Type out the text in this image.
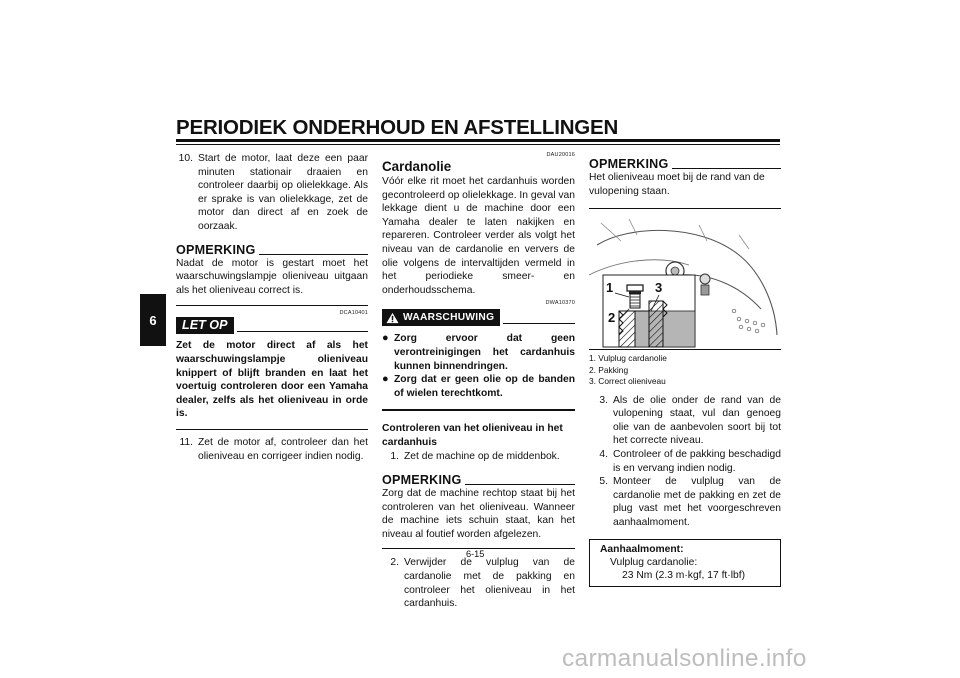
PERIODIEK ONDERHOUD EN AFSTELLINGEN
6
10. Start de motor, laat deze een paar minuten stationair draaien en controleer daarbij op olielekkage. Als er sprake is van olielekkage, zet de motor dan direct af en zoek de oorzaak.
OPMERKING
Nadat de motor is gestart moet het waarschuwingslampje olieniveau uitgaan als het olieniveau correct is.
DCA10401
LET OP
Zet de motor direct af als het waarschuwingslampje olieniveau knippert of blijft branden en laat het voertuig controleren door een Yamaha dealer, zelfs als het olieniveau in orde is.
11. Zet de motor af, controleer dan het olieniveau en corrigeer indien nodig.
DAU20016
Cardanolie
Vóór elke rit moet het cardanhuis worden gecontroleerd op olielekkage. In geval van lekkage dient u de machine door een Yamaha dealer te laten nakijken en repareren. Controleer verder als volgt het niveau van de cardanolie en ververs de olie volgens de intervaltijden vermeld in het periodieke smeer- en onderhoudsschema.
DWA10370
WAARSCHUWING
● Zorg ervoor dat geen verontreinigingen het cardanhuis kunnen binnendringen.
● Zorg dat er geen olie op de banden of wielen terechtkomt.
Controleren van het olieniveau in het cardanhuis
1. Zet de machine op de middenbok.
OPMERKING
Zorg dat de machine rechtop staat bij het controleren van het olieniveau. Wanneer de machine iets schuin staat, kan het niveau al foutief worden afgelezen.
2. Verwijder de vulplug van de cardanolie met de pakking en controleer het olieniveau in het cardanhuis.
OPMERKING
Het olieniveau moet bij de rand van de vulopening staan.
1
2
3
1. Vulplug cardanolie
2. Pakking
3. Correct olieniveau
3. Als de olie onder de rand van de vulopening staat, vul dan genoeg olie van de aanbevolen soort bij tot het correcte niveau.
4. Controleer of de pakking beschadigd is en vervang indien nodig.
5. Monteer de vulplug van de cardanolie met de pakking en zet de plug vast met het voorgeschreven aanhaalmoment.
Aanhaalmoment:
Vulplug cardanolie:
23 Nm (2.3 m·kgf, 17 ft·lbf)
6-15
carmanualsonline.info
